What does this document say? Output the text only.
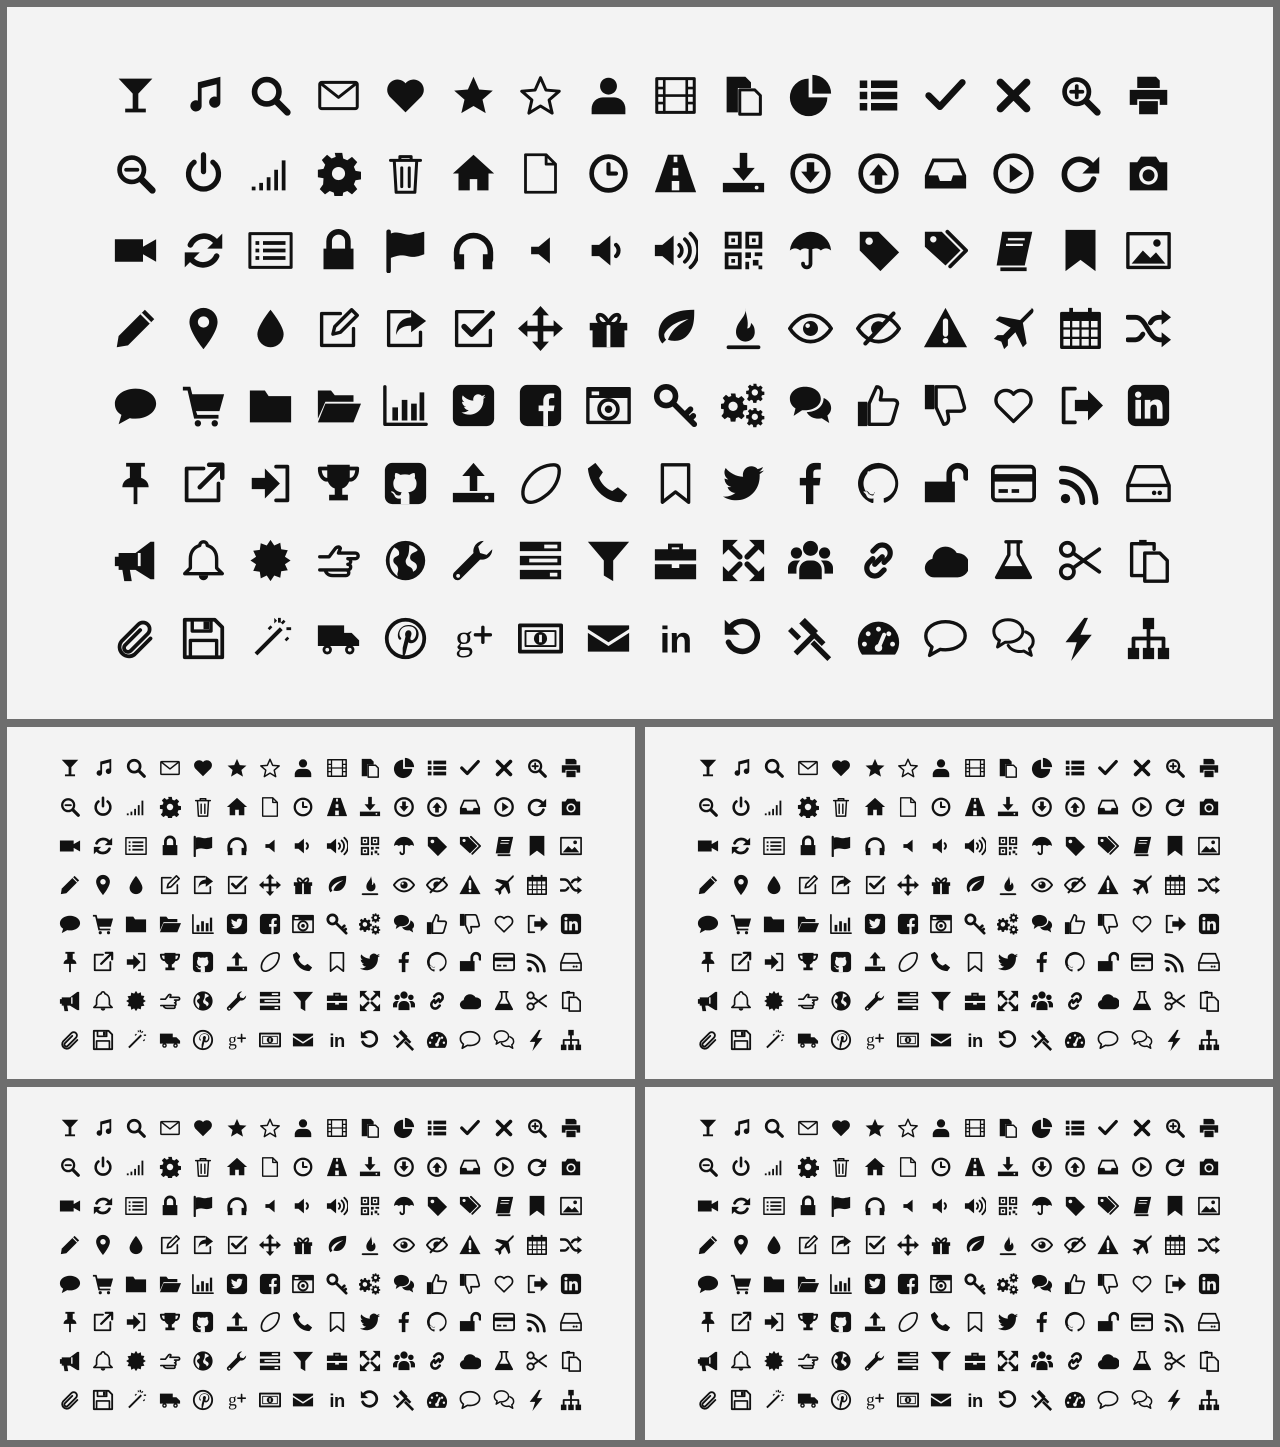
g	in
g	in	g	in
g	in	g	in
